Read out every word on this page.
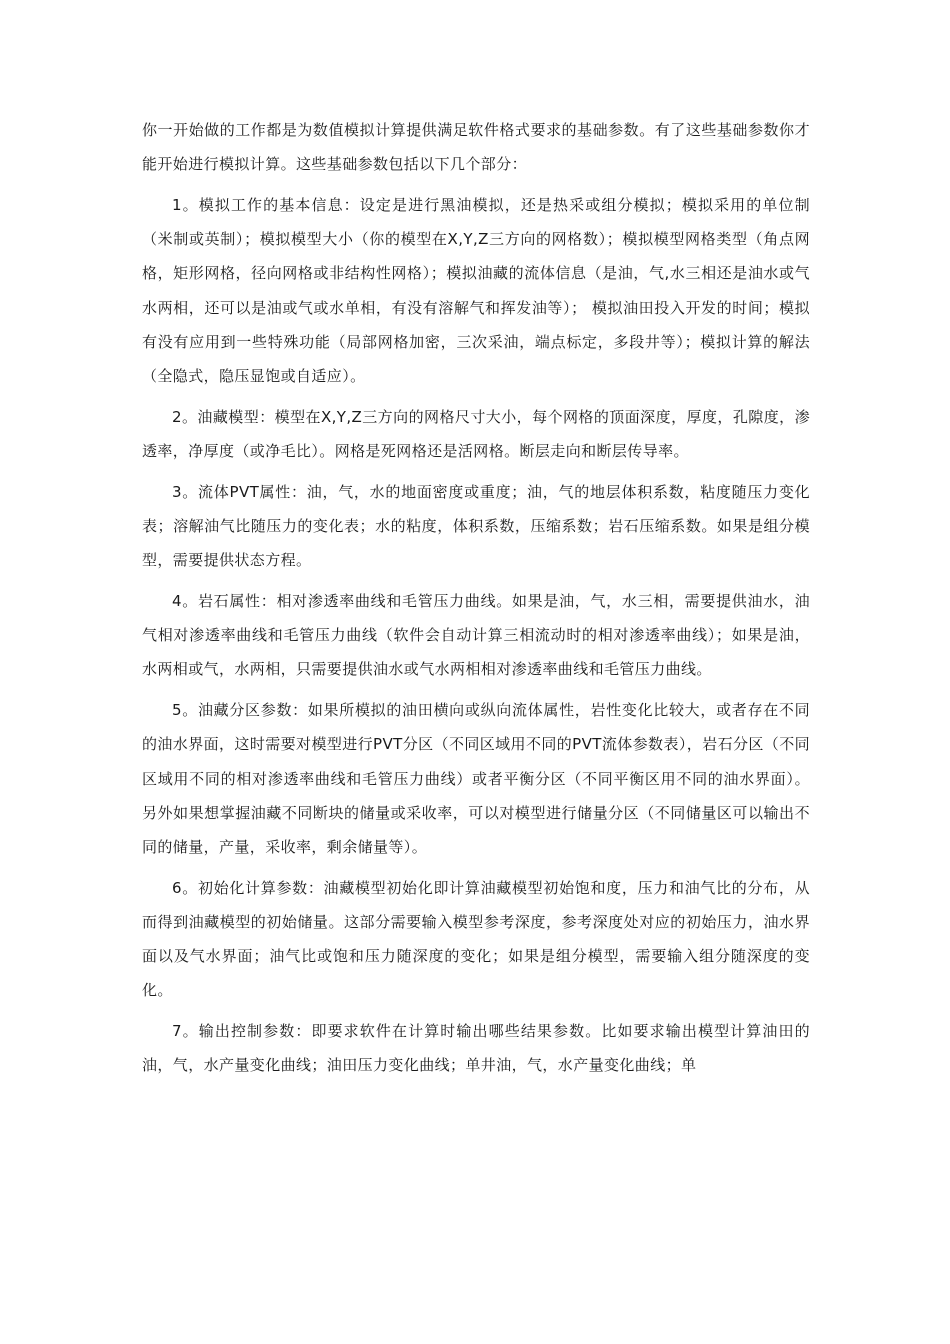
你一开始做的工作都是为数值模拟计算提供满足软件格式要求的基础参数。有了这些基础参数你才能开始进行模拟计算。这些基础参数包括以下几个部分：

1。模拟工作的基本信息：设定是进行黑油模拟，还是热采或组分模拟；模拟采用的单位制（米制或英制）；模拟模型大小（你的模型在X,Y,Z三方向的网格数）；模拟模型网格类型（角点网格，矩形网格，径向网格或非结构性网格）；模拟油藏的流体信息（是油，气,水三相还是油水或气水两相，还可以是油或气或水单相，有没有溶解气和挥发油等）； 模拟油田投入开发的时间；模拟有没有应用到一些特殊功能（局部网格加密，三次采油，端点标定，多段井等）；模拟计算的解法（全隐式，隐压显饱或自适应）。

2。油藏模型：模型在X,Y,Z三方向的网格尺寸大小，每个网格的顶面深度，厚度，孔隙度，渗透率，净厚度（或净毛比）。网格是死网格还是活网格。断层走向和断层传导率。

3。流体PVT属性：油，气，水的地面密度或重度；油，气的地层体积系数，粘度随压力变化表；溶解油气比随压力的变化表；水的粘度，体积系数，压缩系数；岩石压缩系数。如果是组分模型，需要提供状态方程。

4。岩石属性：相对渗透率曲线和毛管压力曲线。如果是油，气，水三相，需要提供油水，油气相对渗透率曲线和毛管压力曲线（软件会自动计算三相流动时的相对渗透率曲线）；如果是油，水两相或气，水两相，只需要提供油水或气水两相相对渗透率曲线和毛管压力曲线。

5。油藏分区参数：如果所模拟的油田横向或纵向流体属性，岩性变化比较大，或者存在不同的油水界面，这时需要对模型进行PVT分区（不同区域用不同的PVT流体参数表），岩石分区（不同区域用不同的相对渗透率曲线和毛管压力曲线）或者平衡分区（不同平衡区用不同的油水界面）。另外如果想掌握油藏不同断块的储量或采收率，可以对模型进行储量分区（不同储量区可以输出不同的储量，产量，采收率，剩余储量等）。

6。初始化计算参数：油藏模型初始化即计算油藏模型初始饱和度，压力和油气比的分布，从而得到油藏模型的初始储量。这部分需要输入模型参考深度，参考深度处对应的初始压力，油水界面以及气水界面；油气比或饱和压力随深度的变化；如果是组分模型，需要输入组分随深度的变化。

7。输出控制参数：即要求软件在计算时输出哪些结果参数。比如要求输出模型计算油田的油，气，水产量变化曲线；油田压力变化曲线；单井油，气，水产量变化曲线；单
